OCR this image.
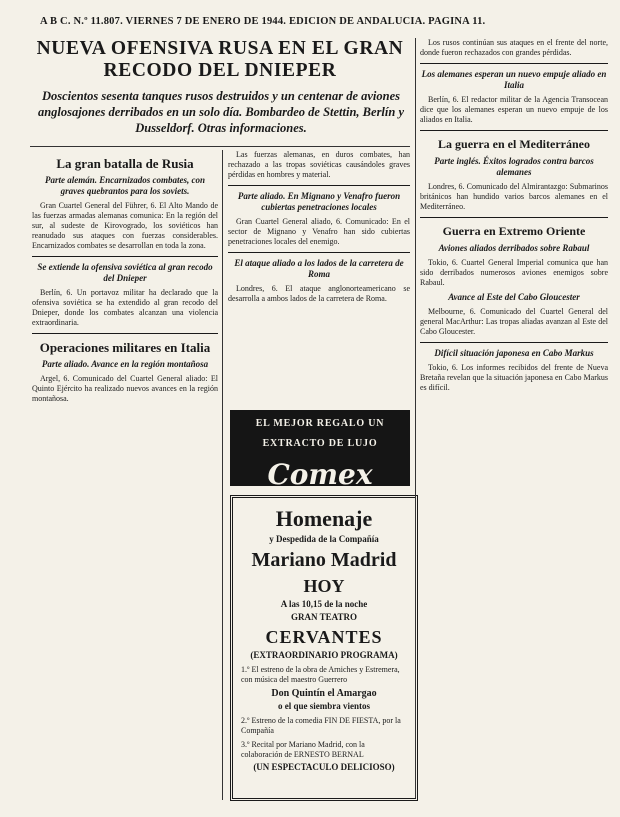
A B C. N.º 11.807. VIERNES 7 DE ENERO DE 1944. EDICION DE ANDALUCIA. PAGINA 11.
NUEVA OFENSIVA RUSA EN EL GRAN RECODO DEL DNIEPER
Doscientos sesenta tanques rusos destruidos y un centenar de aviones anglosajones derribados en un solo día. Bombardeo de Stettin, Berlín y Dusseldorf. Otras informaciones.
La gran batalla de Rusia
Parte alemán. Encarnizados combates, con graves quebrantos para los soviets.

Gran Cuartel General del Führer, 6. El Alto Mando de las fuerzas armadas alemanas comunica: En la región del sur, al sudeste de Kirovogrado, los soviéticos han reanudado sus ataques con fuerzas considerables. Encarnizados combates se desarrollan en toda la zona.

Se extiende la ofensiva soviética al gran recodo del Dnieper

Berlín, 6. Un portavoz militar ha declarado que la ofensiva soviética se ha extendido al gran recodo del Dnieper, donde los combates alcanzan una violencia extraordinaria.

Operaciones militares en Italia
Parte aliado. Avance en la región montañosa

Argel, 6. Comunicado del Cuartel General aliado: El Quinto Ejército ha realizado nuevos avances en la región montañosa.

Las fuerzas alemanas, en duros combates, han rechazado a las tropas soviéticas causándoles graves pérdidas en hombres y material.

Parte aliado. En Mignano y Venafro fueron cubiertas penetraciones locales

Gran Cuartel General aliado, 6. Comunicado: En el sector de Mignano y Venafro han sido cubiertas penetraciones locales del enemigo.

El ataque aliado a los lados de la carretera de Roma

Londres, 6. El ataque anglonorteamericano se desarrolla a ambos lados de la carretera de Roma.

EL MEJOR REGALO UN
EXTRACTO DE LUJO
Comex
Homenaje
y Despedida de la Compañía
Mariano Madrid
HOY
A las 10,15 de la noche
GRAN TEATRO
CERVANTES
(EXTRAORDINARIO PROGRAMA)
1.º El estreno de la obra de Arniches y Estremera, con música del maestro Guerrero
Don Quintín el Amargao
o el que siembra vientos
2.º Estreno de la comedia FIN DE FIESTA, por la Compañía
3.º Recital por Mariano Madrid, con la colaboración de ERNESTO BERNAL
(UN ESPECTACULO DELICIOSO)

Los rusos continúan sus ataques en el frente del norte, donde fueron rechazados con grandes pérdidas.

Los alemanes esperan un nuevo empuje aliado en Italia

Berlín, 6. El redactor militar de la Agencia Transocean dice que los alemanes esperan un nuevo empuje de los aliados en Italia.

La guerra en el Mediterráneo
Parte inglés. Éxitos logrados contra barcos alemanes

Londres, 6. Comunicado del Almirantazgo: Submarinos británicos han hundido varios barcos alemanes en el Mediterráneo.

Guerra en Extremo Oriente
Aviones aliados derribados sobre Rabaul

Tokio, 6. Cuartel General Imperial comunica que han sido derribados numerosos aviones enemigos sobre Rabaul.

Avance al Este del Cabo Gloucester

Melbourne, 6. Comunicado del Cuartel General del general MacArthur: Las tropas aliadas avanzan al Este del Cabo Gloucester.

Difícil situación japonesa en Cabo Markus

Tokio, 6. Los informes recibidos del frente de Nueva Bretaña revelan que la situación japonesa en Cabo Markus es difícil.
